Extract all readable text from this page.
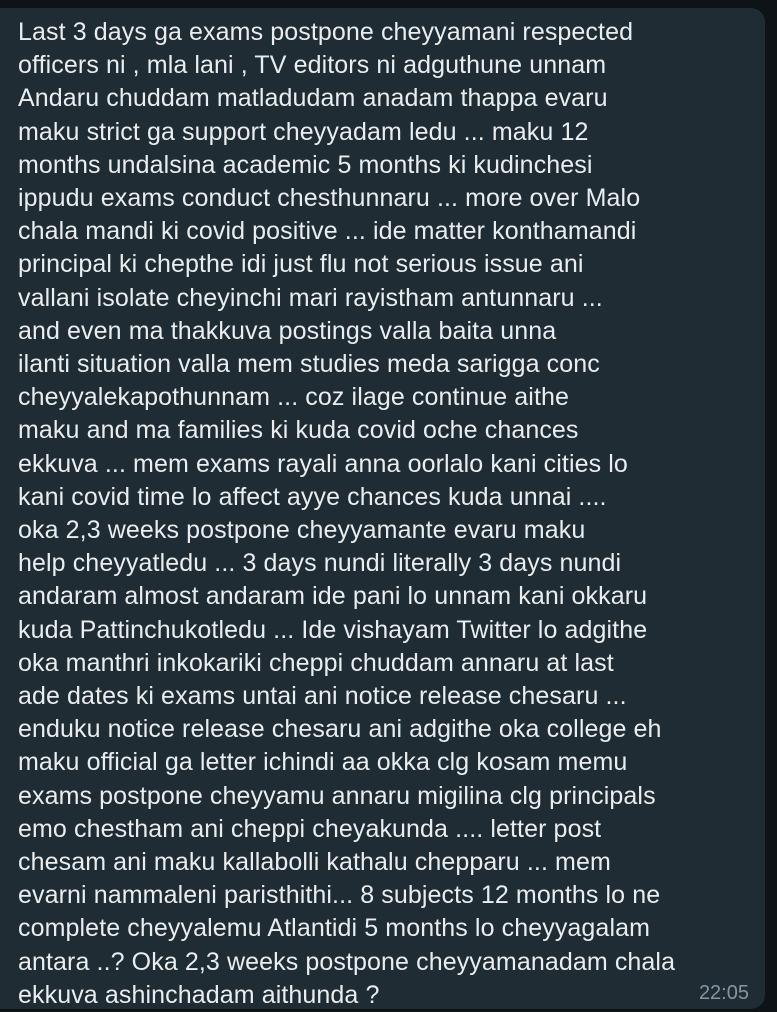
Last 3 days ga exams postpone cheyyamani respected
officers ni , mla lani , TV editors ni adguthune unnam
Andaru chuddam matladudam anadam thappa evaru
maku strict ga support cheyyadam ledu ... maku 12
months undalsina academic 5 months ki kudinchesi
ippudu exams conduct chesthunnaru ... more over Malo
chala mandi ki covid positive ... ide matter konthamandi
principal ki chepthe idi just flu not serious issue ani
vallani isolate cheyinchi mari rayistham antunnaru ...
and even ma thakkuva postings valla baita unna
ilanti situation valla mem studies meda sarigga conc
cheyyalekapothunnam ... coz ilage continue aithe
maku and ma families ki kuda covid oche chances
ekkuva ... mem exams rayali anna oorlalo kani cities lo
kani covid time lo affect ayye chances kuda unnai ....
oka 2,3 weeks postpone cheyyamante evaru maku
help cheyyatledu ... 3 days nundi literally 3 days nundi
andaram almost andaram ide pani lo unnam kani okkaru
kuda Pattinchukotledu ... Ide vishayam Twitter lo adgithe
oka manthri inkokariki cheppi chuddam annaru at last
ade dates ki exams untai ani notice release chesaru ...
enduku notice release chesaru ani adgithe oka college eh
maku official ga letter ichindi aa okka clg kosam memu
exams postpone cheyyamu annaru migilina clg principals
emo chestham ani cheppi cheyakunda .... letter post
chesam ani maku kallabolli kathalu chepparu ... mem
evarni nammaleni paristhithi... 8 subjects 12 months lo ne
complete cheyyalemu Atlantidi 5 months lo cheyyagalam
antara ..? Oka 2,3 weeks postpone cheyyamanadam chala
ekkuva ashinchadam aithunda ?	22:05
